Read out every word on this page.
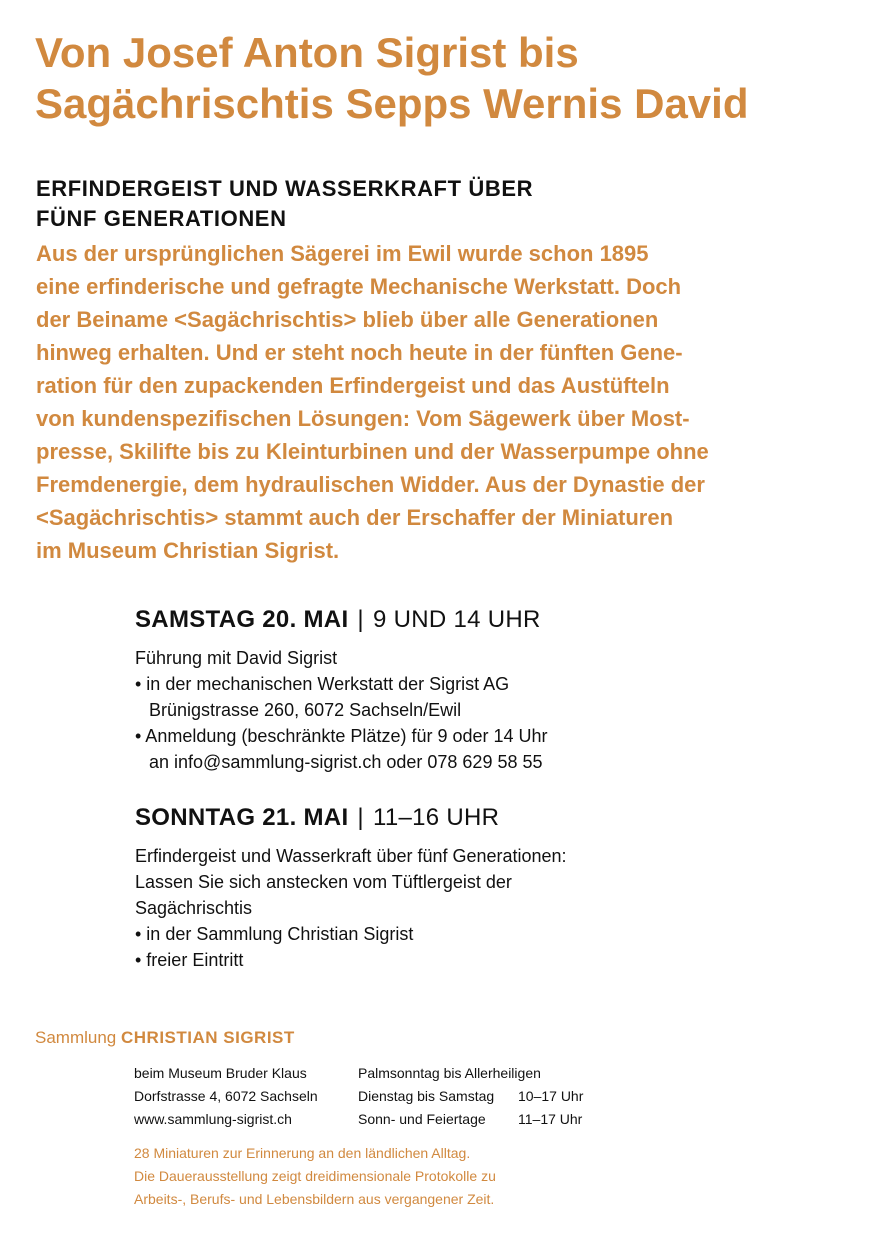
Von Josef Anton Sigrist bis
Sagächrischtis Sepps Wernis David
ERFINDERGEIST UND WASSERKRAFT ÜBER
FÜNF GENERATIONEN
Aus der ursprünglichen Sägerei im Ewil wurde schon 1895
eine erfinderische und gefragte Mechanische Werkstatt. Doch
der Beiname <Sagächrischtis> blieb über alle Generationen
hinweg erhalten. Und er steht noch heute in der fünften Gene-
ration für den zupackenden Erfindergeist und das Austüfteln
von kundenspezifischen Lösungen: Vom Sägewerk über Most-
presse, Skilifte bis zu Kleinturbinen und der Wasserpumpe ohne
Fremdenergie, dem hydraulischen Widder. Aus der Dynastie der
<Sagächrischtis> stammt auch der Erschaffer der Miniaturen
im Museum Christian Sigrist.
SAMSTAG 20. MAI | 9 UND 14 UHR
Führung mit David Sigrist
• in der mechanischen Werkstatt der Sigrist AG
Brünigstrasse 260, 6072 Sachseln/Ewil
• Anmeldung (beschränkte Plätze) für 9 oder 14 Uhr
an info@sammlung-sigrist.ch oder 078 629 58 55
SONNTAG 21. MAI | 11–16 UHR
Erfindergeist und Wasserkraft über fünf Generationen:
Lassen Sie sich anstecken vom Tüftlergeist der
Sagächrischtis
• in der Sammlung Christian Sigrist
• freier Eintritt
Sammlung CHRISTIAN SIGRIST
beim Museum Bruder Klaus
Dorfstrasse 4, 6072 Sachseln
www.sammlung-sigrist.ch
Palmsonntag bis Allerheiligen
Dienstag bis Samstag
Sonn- und Feiertage

10–17 Uhr
11–17 Uhr
28 Miniaturen zur Erinnerung an den ländlichen Alltag.
Die Dauerausstellung zeigt dreidimensionale Protokolle zu
Arbeits-, Berufs- und Lebensbildern aus vergangener Zeit.
